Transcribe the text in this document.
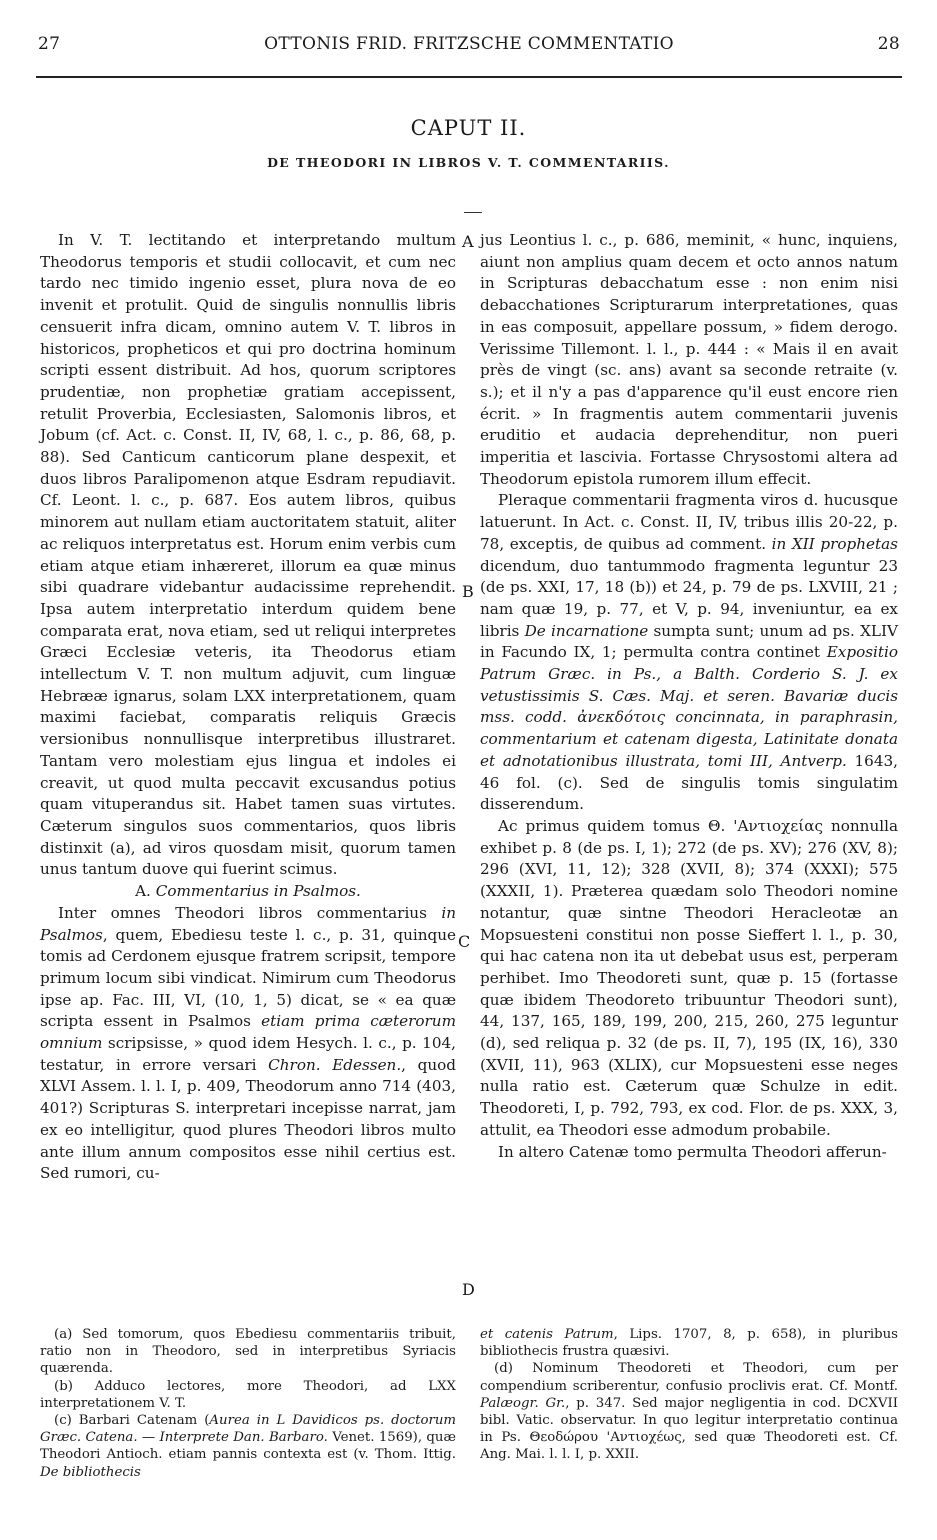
27	OTTONIS FRID. FRITZSCHE COMMENTATIO	28
CAPUT II.
DE THEODORI IN LIBROS V. T. COMMENTARIIS.
A
B
C
D

In V. T. lectitando et interpretando multum Theodorus temporis et studii collocavit, et cum nec tardo nec timido ingenio esset, plura nova de eo invenit et protulit. Quid de singulis nonnullis libris censuerit infra dicam, omnino autem V. T. libros in historicos, propheticos et qui pro doctrina hominum scripti essent distribuit. Ad hos, quorum scriptores prudentiæ, non prophetiæ gratiam accepissent, retulit Proverbia, Ecclesiasten, Salomonis libros, et Jobum (cf. Act. c. Const. II, IV, 68, l. c., p. 86, 68, p. 88). Sed Canticum canticorum plane despexit, et duos libros Paralipomenon atque Esdram repudiavit. Cf. Leont. l. c., p. 687. Eos autem libros, quibus minorem aut nullam etiam auctoritatem statuit, aliter ac reliquos interpretatus est. Horum enim verbis cum etiam atque etiam inhæreret, illorum ea quæ minus sibi quadrare videbantur audacissime reprehendit. Ipsa autem interpretatio interdum quidem bene comparata erat, nova etiam, sed ut reliqui interpretes Græci Ecclesiæ veteris, ita Theodorus etiam intellectum V. T. non multum adjuvit, cum linguæ Hebrææ ignarus, solam LXX interpretationem, quam maximi faciebat, comparatis reliquis Græcis versionibus nonnullisque interpretibus illustraret. Tantam vero molestiam ejus lingua et indoles ei creavit, ut quod multa peccavit excusandus potius quam vituperandus sit. Habet tamen suas virtutes. Cæterum singulos suos commentarios, quos libris distinxit (a), ad viros quosdam misit, quorum tamen unus tantum duove qui fuerint scimus.

A. Commentarius in Psalmos.

Inter omnes Theodori libros commentarius in Psalmos, quem, Ebediesu teste l. c., p. 31, quinque tomis ad Cerdonem ejusque fratrem scripsit, tempore primum locum sibi vindicat. Nimirum cum Theodorus ipse ap. Fac. III, VI, (10, 1, 5) dicat, se « ea quæ scripta essent in Psalmos etiam prima cæterorum omnium scripsisse, » quod idem Hesych. l. c., p. 104, testatur, in errore versari Chron. Edessen., quod XLVI Assem. l. l. I, p. 409, Theodorum anno 714 (403, 401?) Scripturas S. interpretari incepisse narrat, jam ex eo intelligitur, quod plures Theodori libros multo ante illum annum compositos esse nihil certius est. Sed rumori, cu-

jus Leontius l. c., p. 686, meminit, « hunc, inquiens, aiunt non amplius quam decem et octo annos natum in Scripturas debacchatum esse : non enim nisi debacchationes Scripturarum interpretationes, quas in eas composuit, appellare possum, » fidem derogo. Verissime Tillemont. l. l., p. 444 : « Mais il en avait près de vingt (sc. ans) avant sa seconde retraite (v. s.); et il n'y a pas d'apparence qu'il eust encore rien écrit. » In fragmentis autem commentarii juvenis eruditio et audacia deprehenditur, non pueri imperitia et lascivia. Fortasse Chrysostomi altera ad Theodorum epistola rumorem illum effecit.

Pleraque commentarii fragmenta viros d. hucusque latuerunt. In Act. c. Const. II, IV, tribus illis 20-22, p. 78, exceptis, de quibus ad comment. in XII prophetas dicendum, duo tantummodo fragmenta leguntur 23 (de ps. XXI, 17, 18 (b)) et 24, p. 79 de ps. LXVIII, 21 ; nam quæ 19, p. 77, et V, p. 94, inveniuntur, ea ex libris De incarnatione sumpta sunt; unum ad ps. XLIV in Facundo IX, 1; permulta contra continet Expositio Patrum Græc. in Ps., a Balth. Corderio S. J. ex vetustissimis S. Cæs. Maj. et seren. Bavariæ ducis mss. codd. ἀνεκδότοις concinnata, in paraphrasin, commentarium et catenam digesta, Latinitate donata et adnotationibus illustrata, tomi III, Antverp. 1643, 46 fol. (c). Sed de singulis tomis singulatim disserendum.

Ac primus quidem tomus Θ. 'Αντιοχείας nonnulla exhibet p. 8 (de ps. I, 1); 272 (de ps. XV); 276 (XV, 8); 296 (XVI, 11, 12); 328 (XVII, 8); 374 (XXXI); 575 (XXXII, 1). Præterea quædam solo Theodori nomine notantur, quæ sintne Theodori Heracleotæ an Mopsuesteni constitui non posse Sieffert l. l., p. 30, qui hac catena non ita ut debebat usus est, perperam perhibet. Imo Theodoreti sunt, quæ p. 15 (fortasse quæ ibidem Theodoreto tribuuntur Theodori sunt), 44, 137, 165, 189, 199, 200, 215, 260, 275 leguntur (d), sed reliqua p. 32 (de ps. II, 7), 195 (IX, 16), 330 (XVII, 11), 963 (XLIX), cur Mopsuesteni esse neges nulla ratio est. Cæterum quæ Schulze in edit. Theodoreti, I, p. 792, 793, ex cod. Flor. de ps. XXX, 3, attulit, ea Theodori esse admodum probabile.

In altero Catenæ tomo permulta Theodori afferun-

(a) Sed tomorum, quos Ebediesu commentariis tribuit, ratio non in Theodoro, sed in interpretibus Syriacis quærenda.

(b) Adduco lectores, more Theodori, ad LXX interpretationem V. T.

(c) Barbari Catenam (Aurea in L Davidicos ps. doctorum Græc. Catena. — Interprete Dan. Barbaro. Venet. 1569), quæ Theodori Antioch. etiam pannis contexta est (v. Thom. Ittig. De bibliothecis

et catenis Patrum, Lips. 1707, 8, p. 658), in pluribus bibliothecis frustra quæsivi.

(d) Nominum Theodoreti et Theodori, cum per compendium scriberentur, confusio proclivis erat. Cf. Montf. Palæogr. Gr., p. 347. Sed major negligentia in cod. DCXVII bibl. Vatic. observatur. In quo legitur interpretatio continua in Ps. Θεοδώρου 'Αντιοχέως, sed quæ Theodoreti est. Cf. Ang. Mai. l. l. I, p. XXII.
